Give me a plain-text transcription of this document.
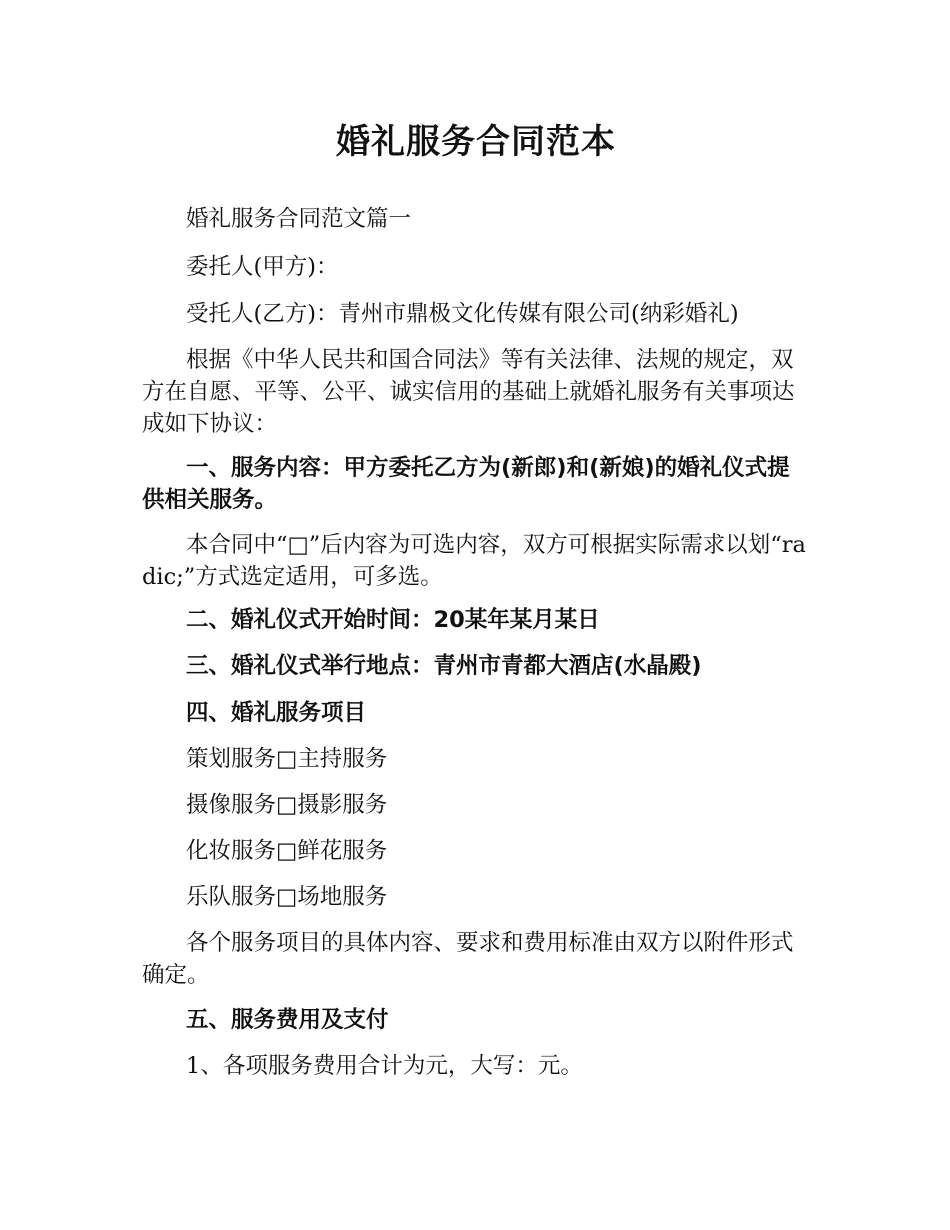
婚礼服务合同范本
婚礼服务合同范文篇一
委托人(甲方)：
受托人(乙方)：青州市鼎极文化传媒有限公司(纳彩婚礼)
根据《中华人民共和国合同法》等有关法律、法规的规定，双方在自愿、平等、公平、诚实信用的基础上就婚礼服务有关事项达成如下协议：
一、服务内容：甲方委托乙方为(新郎)和(新娘)的婚礼仪式提供相关服务。
本合同中“□”后内容为可选内容，双方可根据实际需求以划“radic;”方式选定适用，可多选。
二、婚礼仪式开始时间：20某年某月某日
三、婚礼仪式举行地点：青州市青都大酒店(水晶殿)
四、婚礼服务项目
策划服务□主持服务
摄像服务□摄影服务
化妆服务□鲜花服务
乐队服务□场地服务
各个服务项目的具体内容、要求和费用标准由双方以附件形式确定。
五、服务费用及支付
1、各项服务费用合计为元，大写：元。
